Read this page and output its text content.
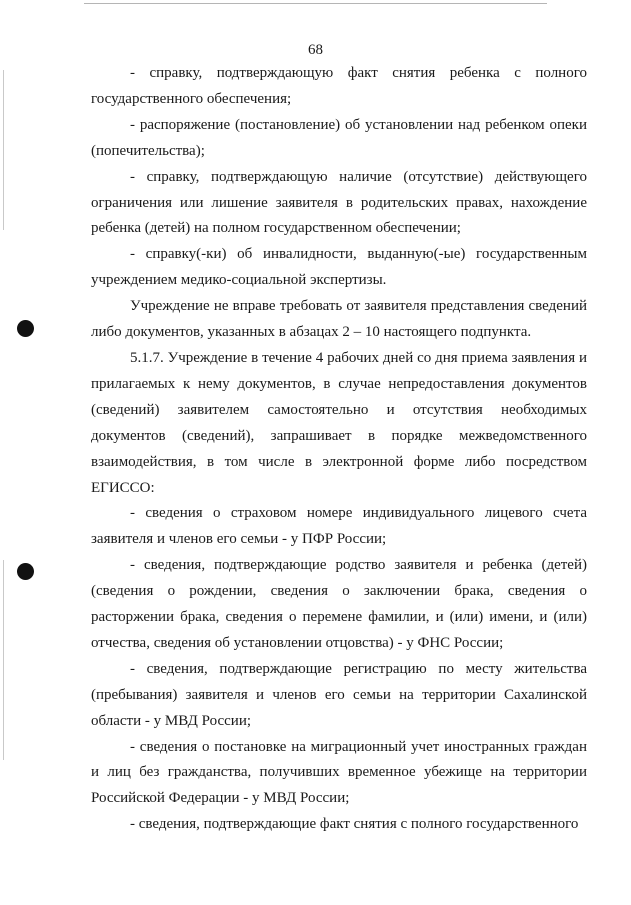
68

- справку, подтверждающую факт снятия ребенка с полного государственного обеспечения;

- распоряжение (постановление) об установлении над ребенком опеки (попечительства);

- справку, подтверждающую наличие (отсутствие) действующего ограничения или лишение заявителя в родительских правах, нахождение ребенка (детей) на полном государственном обеспечении;

- справку(-ки) об инвалидности, выданную(-ые) государственным учреждением медико-социальной экспертизы.

Учреждение не вправе требовать от заявителя представления сведений либо документов, указанных в абзацах 2 – 10 настоящего подпункта.

5.1.7. Учреждение в течение 4 рабочих дней со дня приема заявления и прилагаемых к нему документов, в случае непредоставления документов (сведений) заявителем самостоятельно и отсутствия необходимых документов (сведений), запрашивает в порядке межведомственного взаимодействия, в том числе в электронной форме либо посредством ЕГИССО:

- сведения о страховом номере индивидуального лицевого счета заявителя и членов его семьи - у ПФР России;

- сведения, подтверждающие родство заявителя и ребенка (детей) (сведения о рождении, сведения о заключении брака, сведения о расторжении брака, сведения о перемене фамилии, и (или) имени, и (или) отчества, сведения об установлении отцовства) - у ФНС России;

- сведения, подтверждающие регистрацию по месту жительства (пребывания) заявителя и членов его семьи на территории Сахалинской области - у МВД России;

- сведения о постановке на миграционный учет иностранных граждан и лиц без гражданства, получивших временное убежище на территории Российской Федерации - у МВД России;

- сведения, подтверждающие факт снятия с полного государственного
